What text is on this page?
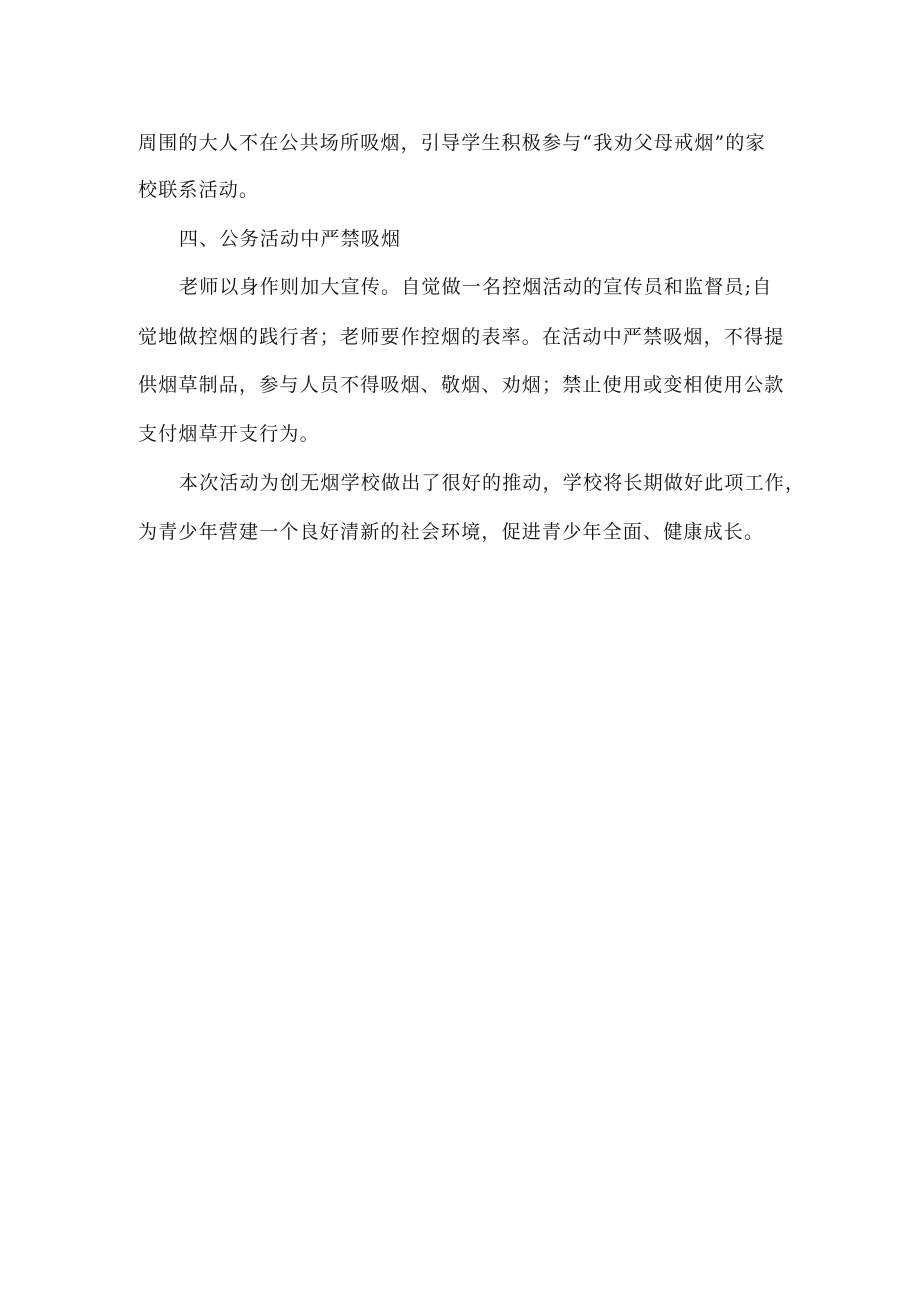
周围的大人不在公共场所吸烟，引导学生积极参与“我劝父母戒烟”的家
校联系活动。
四、公务活动中严禁吸烟
老师以身作则加大宣传。自觉做一名控烟活动的宣传员和监督员;自
觉地做控烟的践行者；老师要作控烟的表率。在活动中严禁吸烟，不得提
供烟草制品，参与人员不得吸烟、敬烟、劝烟；禁止使用或变相使用公款
支付烟草开支行为。
本次活动为创无烟学校做出了很好的推动，学校将长期做好此项工作，
为青少年营建一个良好清新的社会环境，促进青少年全面、健康成长。
